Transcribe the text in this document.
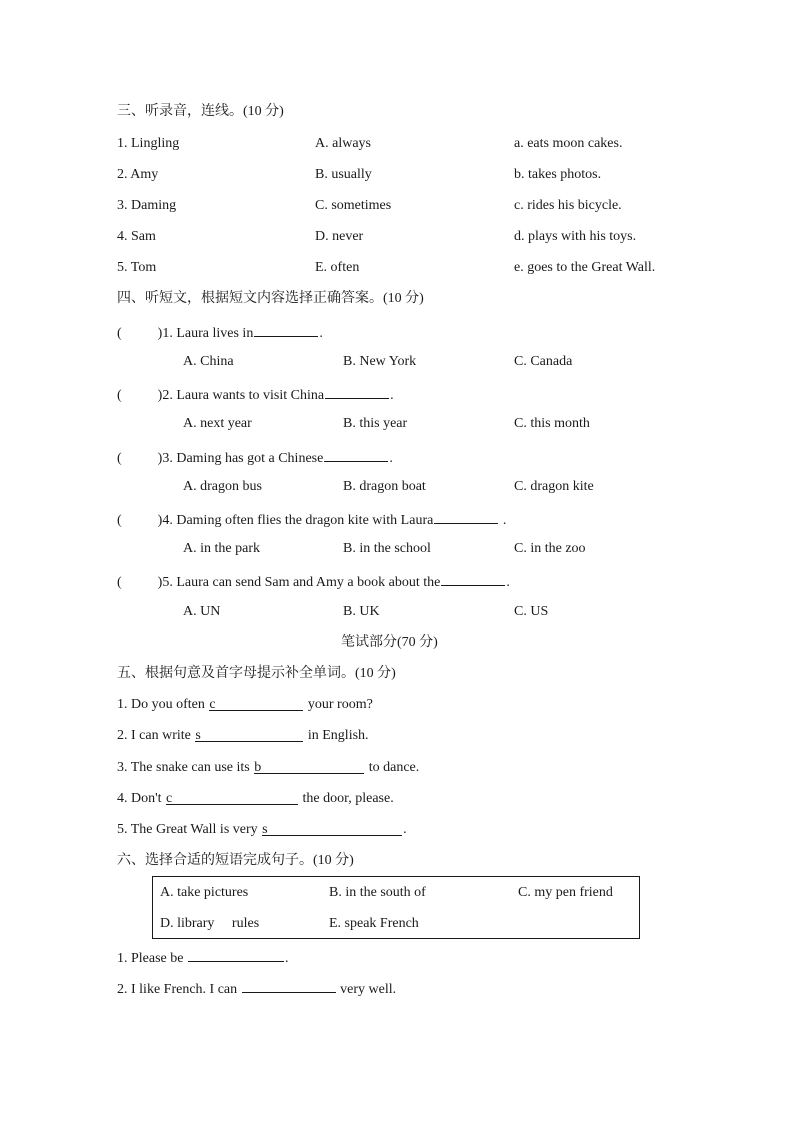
三、听录音，连线。(10 分)
1. Lingling	A. always	a. eats moon cakes.
2. Amy	B. usually	b. takes photos.
3. Daming	C. sometimes	c. rides his bicycle.
4. Sam	D. never	d. plays with his toys.
5. Tom	E. often	e. goes to the Great Wall.
四、听短文，根据短文内容选择正确答案。(10 分)
(	)1. Laura lives in	.
A. China	B. New York	C. Canada
(	)2. Laura wants to visit China	.
A. next year	B. this year	C. this month
(	)3. Daming has got a Chinese	.
A. dragon bus	B. dragon boat	C. dragon kite
(	)4. Daming often flies the dragon kite with Laura	.
A. in the park	B. in the school	C. in the zoo
(	)5. Laura can send Sam and Amy a book about the	.
A. UN	B. UK	C. US
笔试部分(70 分)
五、根据句意及首字母提示补全单词。(10 分)
1. Do you often c	your room?
2. I can write s	in English.
3. The snake can use its b	to dance.
4. Don't c	the door, please.
5. The Great Wall is very s	.
六、选择合适的短语完成句子。(10 分)
A. take pictures	B. in the south of	C. my pen friend
D. library　 rules	E. speak French
1. Please be	.
2. I like French. I can	very well.
